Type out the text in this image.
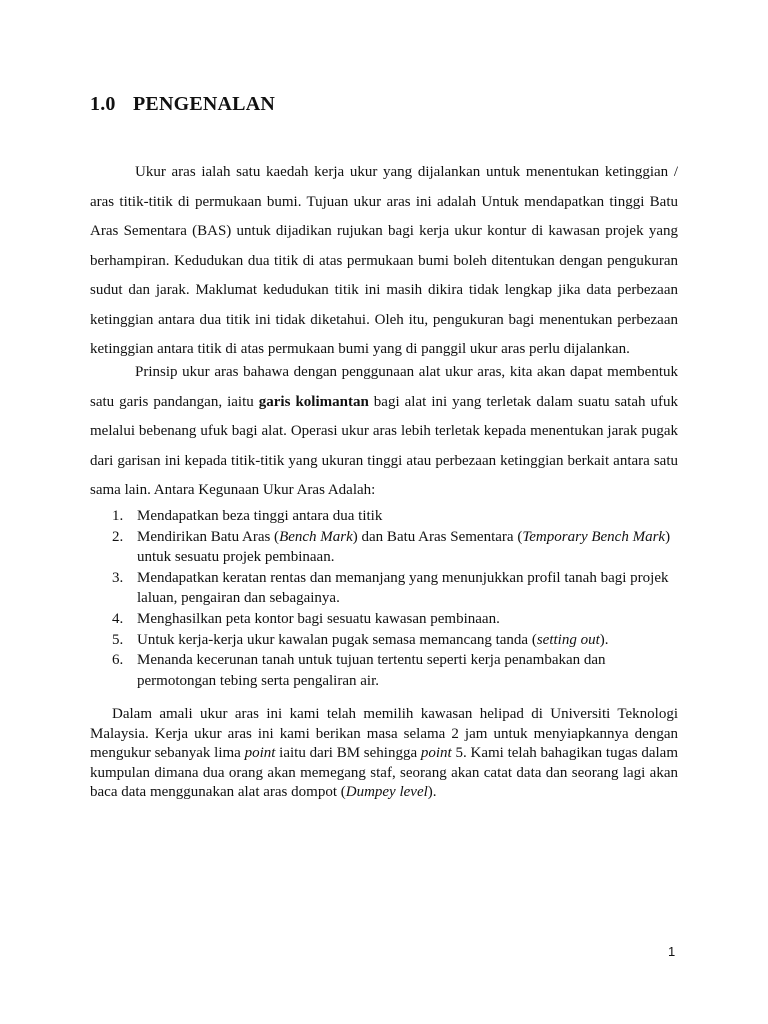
1.0 PENGENALAN

Ukur aras ialah satu kaedah kerja ukur yang dijalankan untuk menentukan ketinggian / aras titik-titik di permukaan bumi. Tujuan ukur aras ini adalah Untuk mendapatkan tinggi Batu Aras Sementara (BAS) untuk dijadikan rujukan bagi kerja ukur kontur di kawasan projek yang berhampiran. Kedudukan dua titik di atas permukaan bumi boleh ditentukan dengan pengukuran sudut dan jarak. Maklumat kedudukan titik ini masih dikira tidak lengkap jika data perbezaan ketinggian antara dua titik ini tidak diketahui. Oleh itu, pengukuran bagi menentukan perbezaan ketinggian antara titik di atas permukaan bumi yang di panggil ukur aras perlu dijalankan.

Prinsip ukur aras bahawa dengan penggunaan alat ukur aras, kita akan dapat membentuk satu garis pandangan, iaitu garis kolimantan bagi alat ini yang terletak dalam suatu satah ufuk melalui bebenang ufuk bagi alat. Operasi ukur aras lebih terletak kepada menentukan jarak pugak dari garisan ini kepada titik-titik yang ukuran tinggi atau perbezaan ketinggian berkait antara satu sama lain. Antara Kegunaan Ukur Aras Adalah:

1. Mendapatkan beza tinggi antara dua titik
2. Mendirikan Batu Aras (Bench Mark) dan Batu Aras Sementara (Temporary Bench Mark) untuk sesuatu projek pembinaan.
3. Mendapatkan keratan rentas dan memanjang yang menunjukkan profil tanah bagi projek laluan, pengairan dan sebagainya.
4. Menghasilkan peta kontor bagi sesuatu kawasan pembinaan.
5. Untuk kerja-kerja ukur kawalan pugak semasa memancang tanda (setting out).
6. Menanda kecerunan tanah untuk tujuan tertentu seperti kerja penambakan dan permotongan tebing serta pengaliran air.

Dalam amali ukur aras ini kami telah memilih kawasan helipad di Universiti Teknologi Malaysia. Kerja ukur aras ini kami berikan masa selama 2 jam untuk menyiapkannya dengan mengukur sebanyak lima point iaitu dari BM sehingga point 5. Kami telah bahagikan tugas dalam kumpulan dimana dua orang akan memegang staf, seorang akan catat data dan seorang lagi akan baca data menggunakan alat aras dompot (Dumpey level).

1
